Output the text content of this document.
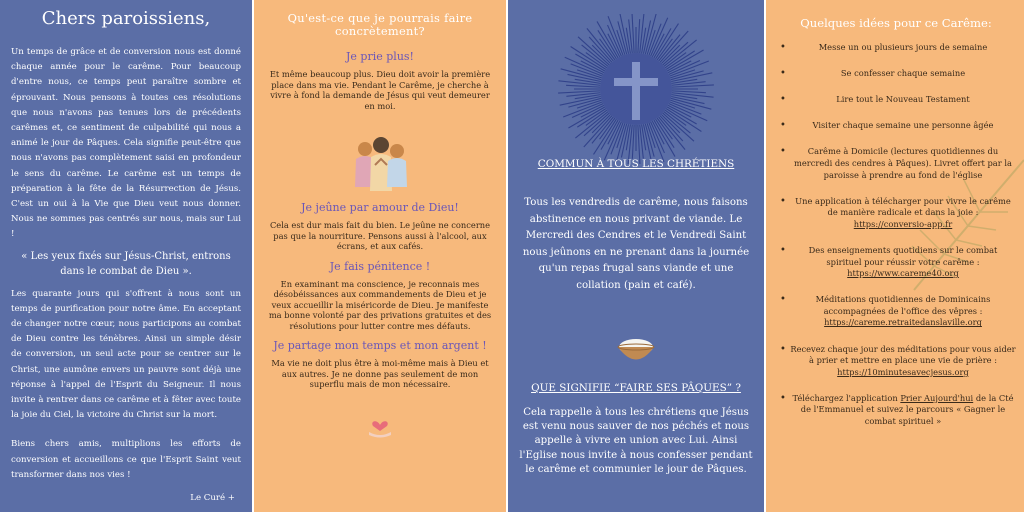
Chers paroissiens,

Un temps de grâce et de conversion nous est donné chaque année pour le carême. Pour beaucoup d'entre nous, ce temps peut paraître sombre et éprouvant. Nous pensons à toutes ces résolutions que nous n'avons pas tenues lors de précédents carêmes et, ce sentiment de culpabilité qui nous a animé le jour de Pâques. Cela signifie peut-être que nous n'avons pas complètement saisi en profondeur le sens du carême. Le carême est un temps de préparation à la fête de la Résurrection de Jésus. C'est un oui à la Vie que Dieu veut nous donner. Nous ne sommes pas centrés sur nous, mais sur Lui !

« Les yeux fixés sur Jésus-Christ, entrons dans le combat de Dieu ».

Les quarante jours qui s'offrent à nous sont un temps de purification pour notre âme. En acceptant de changer notre cœur, nous participons au combat de Dieu contre les ténèbres. Ainsi un simple désir de conversion, un seul acte pour se centrer sur le Christ, une aumône envers un pauvre sont déjà une réponse à l'appel de l'Esprit du Seigneur. Il nous invite à rentrer dans ce carême et à fêter avec toute la joie du Ciel, la victoire du Christ sur la mort.

Biens chers amis, multiplions les efforts de conversion et accueillons ce que l'Esprit Saint veut transformer dans nos vies !

Le Curé +

Qu'est-ce que je pourrais faire concrètement?
Je prie plus!

Et même beaucoup plus. Dieu doit avoir la première place dans ma vie. Pendant le Carême, je cherche à vivre à fond la demande de Jésus qui veut demeurer en moi.

Je jeûne par amour de Dieu!

Cela est dur mais fait du bien. Le jeûne ne concerne pas que la nourriture. Pensons aussi à l'alcool, aux écrans, et aux cafés.

Je fais pénitence !

En examinant ma conscience, je reconnais mes désobéissances aux commandements de Dieu et je veux accueillir la miséricorde de Dieu. Je manifeste ma bonne volonté par des privations gratuites et des résolutions pour lutter contre mes défauts.

Je partage mon temps et mon argent !

Ma vie ne doit plus être à moi-même mais à Dieu et aux autres. Je ne donne pas seulement de mon superflu mais de mon nécessaire.

COMMUN À TOUS LES CHRÉTIENS

Tous les vendredis de carême, nous faisons abstinence en nous privant de viande. Le Mercredi des Cendres et le Vendredi Saint nous jeûnons en ne prenant dans la journée qu'un repas frugal sans viande et une collation (pain et café).

QUE SIGNIFIE “FAIRE SES PÂQUES” ?

Cela rappelle à tous les chrétiens que Jésus est venu nous sauver de nos péchés et nous appelle à vivre en union avec Lui. Ainsi l'Eglise nous invite à nous confesser pendant le carême et communier le jour de Pâques.

Quelques idées pour ce Carême:
• Messe un ou plusieurs jours de semaine
• Se confesser chaque semaine
• Lire tout le Nouveau Testament
• Visiter chaque semaine une personne âgée
• Carême à Domicile (lectures quotidiennes du mercredi des cendres à Pâques). Livret offert par la paroisse à prendre au fond de l'église
• Une application à télécharger pour vivre le carême de manière radicale et dans la joie :
https://conversio-app.fr
• Des enseignements quotidiens sur le combat spirituel pour réussir votre carême :
https://www.careme40.org
• Méditations quotidiennes de Dominicains accompagnées de l'office des vêpres :
https://careme.retraitedanslaville.org
• Recevez chaque jour des méditations pour vous aider à prier et mettre en place une vie de prière : https://10minutesavecjesus.org
• Téléchargez l'application Prier Aujourd'hui de la Cté de l'Emmanuel et suivez le parcours « Gagner le combat spirituel »
